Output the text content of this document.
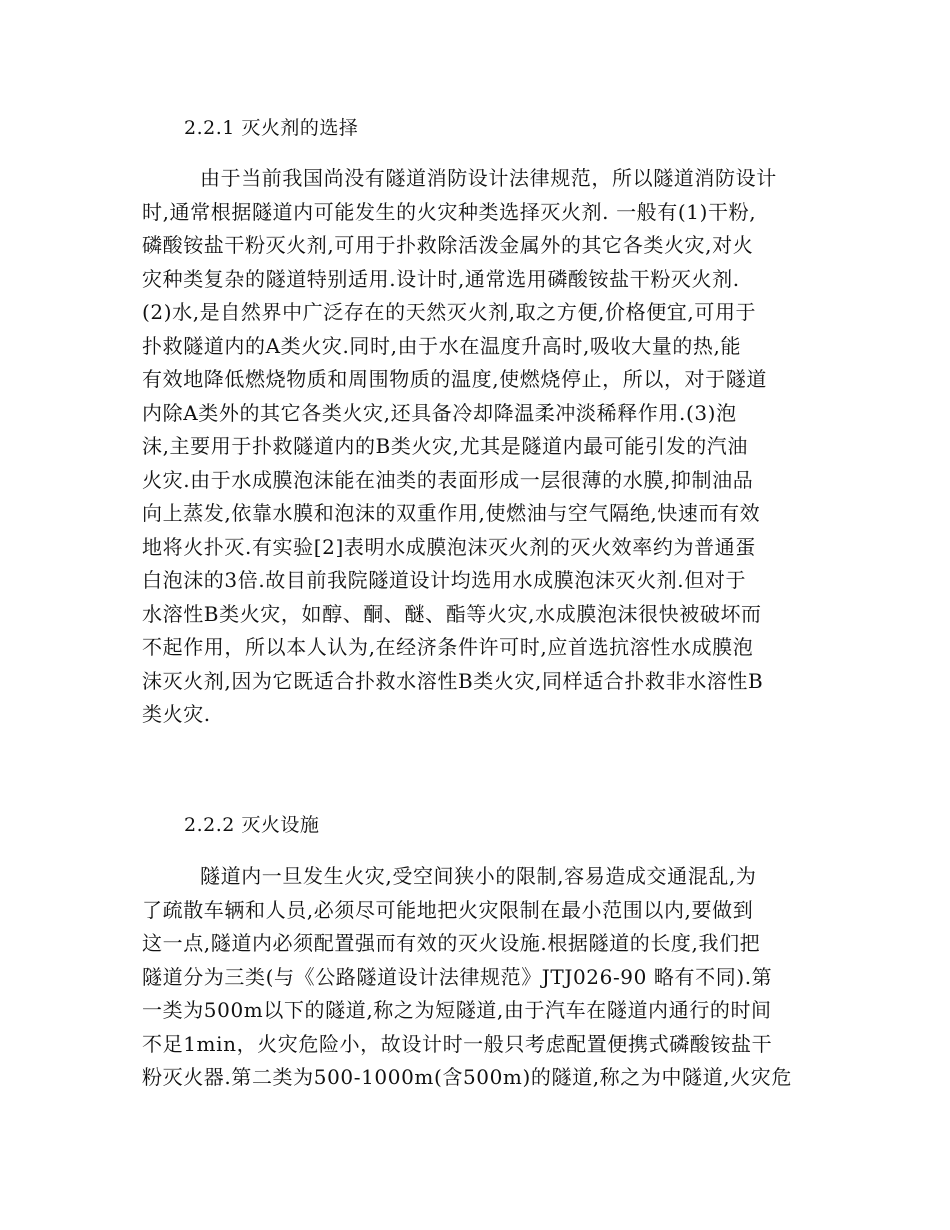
2.2.1 灭火剂的选择
由于当前我国尚没有隧道消防设计法律规范，所以隧道消防设计
时,通常根据隧道内可能发生的火灾种类选择灭火剂. 一般有(1)干粉,
磷酸铵盐干粉灭火剂,可用于扑救除活泼金属外的其它各类火灾,对火
灾种类复杂的隧道特别适用.设计时,通常选用磷酸铵盐干粉灭火剂.
(2)水,是自然界中广泛存在的天然灭火剂,取之方便,价格便宜,可用于
扑救隧道内的A类火灾.同时,由于水在温度升高时,吸收大量的热,能
有效地降低燃烧物质和周围物质的温度,使燃烧停止，所以，对于隧道
内除A类外的其它各类火灾,还具备冷却降温柔冲淡稀释作用.(3)泡
沫,主要用于扑救隧道内的B类火灾,尤其是隧道内最可能引发的汽油
火灾.由于水成膜泡沫能在油类的表面形成一层很薄的水膜,抑制油品
向上蒸发,依靠水膜和泡沫的双重作用,使燃油与空气隔绝,快速而有效
地将火扑灭.有实验[2]表明水成膜泡沫灭火剂的灭火效率约为普通蛋
白泡沫的3倍.故目前我院隧道设计均选用水成膜泡沫灭火剂.但对于
水溶性B类火灾，如醇、酮、醚、酯等火灾,水成膜泡沫很快被破坏而
不起作用，所以本人认为,在经济条件许可时,应首选抗溶性水成膜泡
沫灭火剂,因为它既适合扑救水溶性B类火灾,同样适合扑救非水溶性B
类火灾.
2.2.2 灭火设施
隧道内一旦发生火灾,受空间狭小的限制,容易造成交通混乱,为
了疏散车辆和人员,必须尽可能地把火灾限制在最小范围以内,要做到
这一点,隧道内必须配置强而有效的灭火设施.根据隧道的长度,我们把
隧道分为三类(与《公路隧道设计法律规范》JTJ026-90 略有不同).第
一类为500m以下的隧道,称之为短隧道,由于汽车在隧道内通行的时间
不足1min，火灾危险小，故设计时一般只考虑配置便携式磷酸铵盐干
粉灭火器.第二类为500-1000m(含500m)的隧道,称之为中隧道,火灾危
